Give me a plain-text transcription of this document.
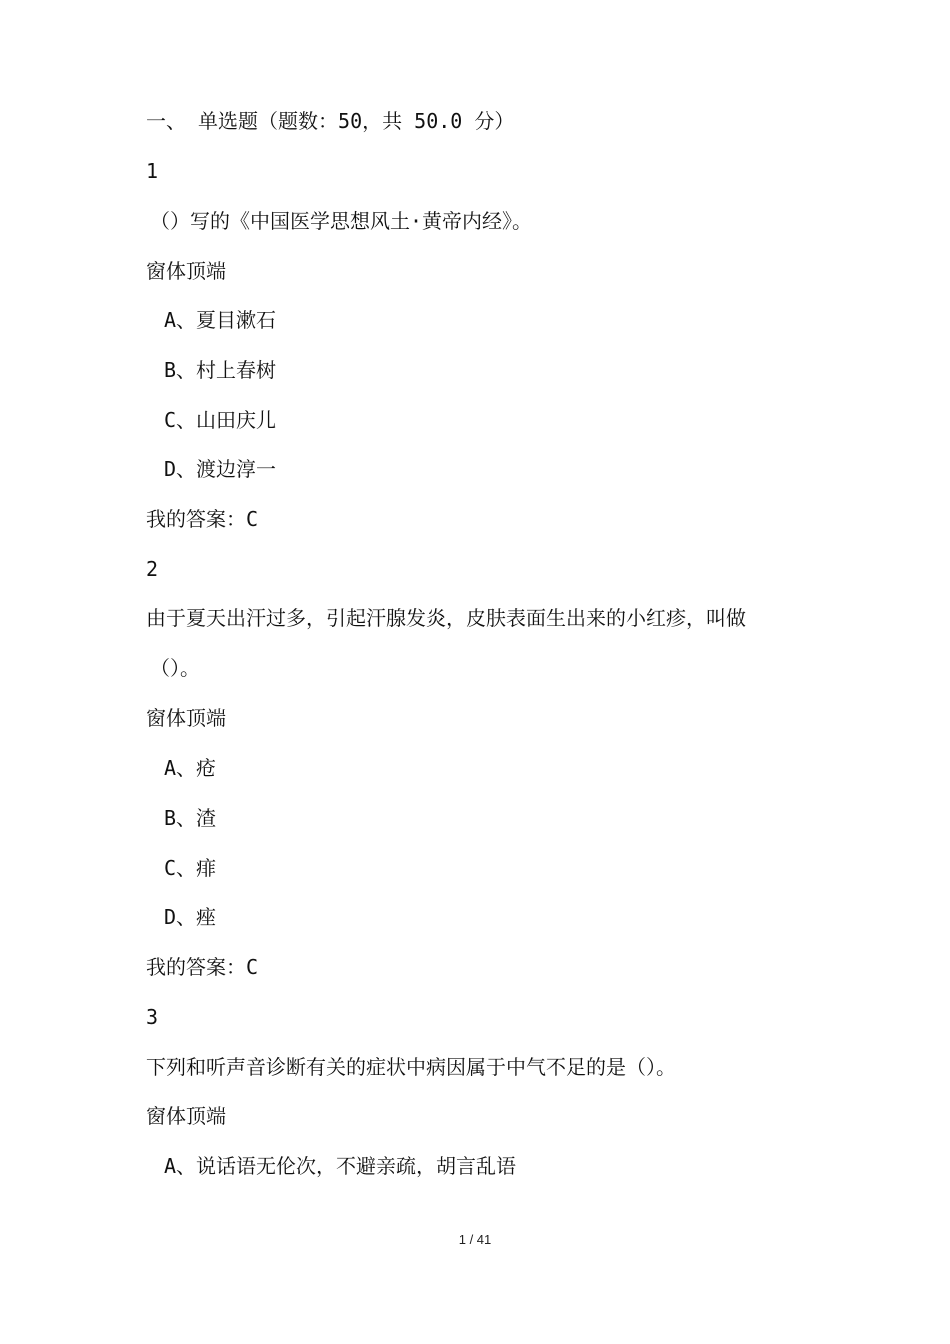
一、 单选题（题数：50，共 50.0 分）
1
（）写的《中国医学思想风土·黄帝内经》。
窗体顶端
A、夏目漱石
B、村上春树
C、山田庆儿
D、渡边淳一
我的答案：C
2
由于夏天出汗过多，引起汗腺发炎，皮肤表面生出来的小红疹，叫做
（）。
窗体顶端
A、疮
B、渣
C、痱
D、痤
我的答案：C
3
下列和听声音诊断有关的症状中病因属于中气不足的是（）。
窗体顶端
A、说话语无伦次，不避亲疏，胡言乱语
1 / 41
